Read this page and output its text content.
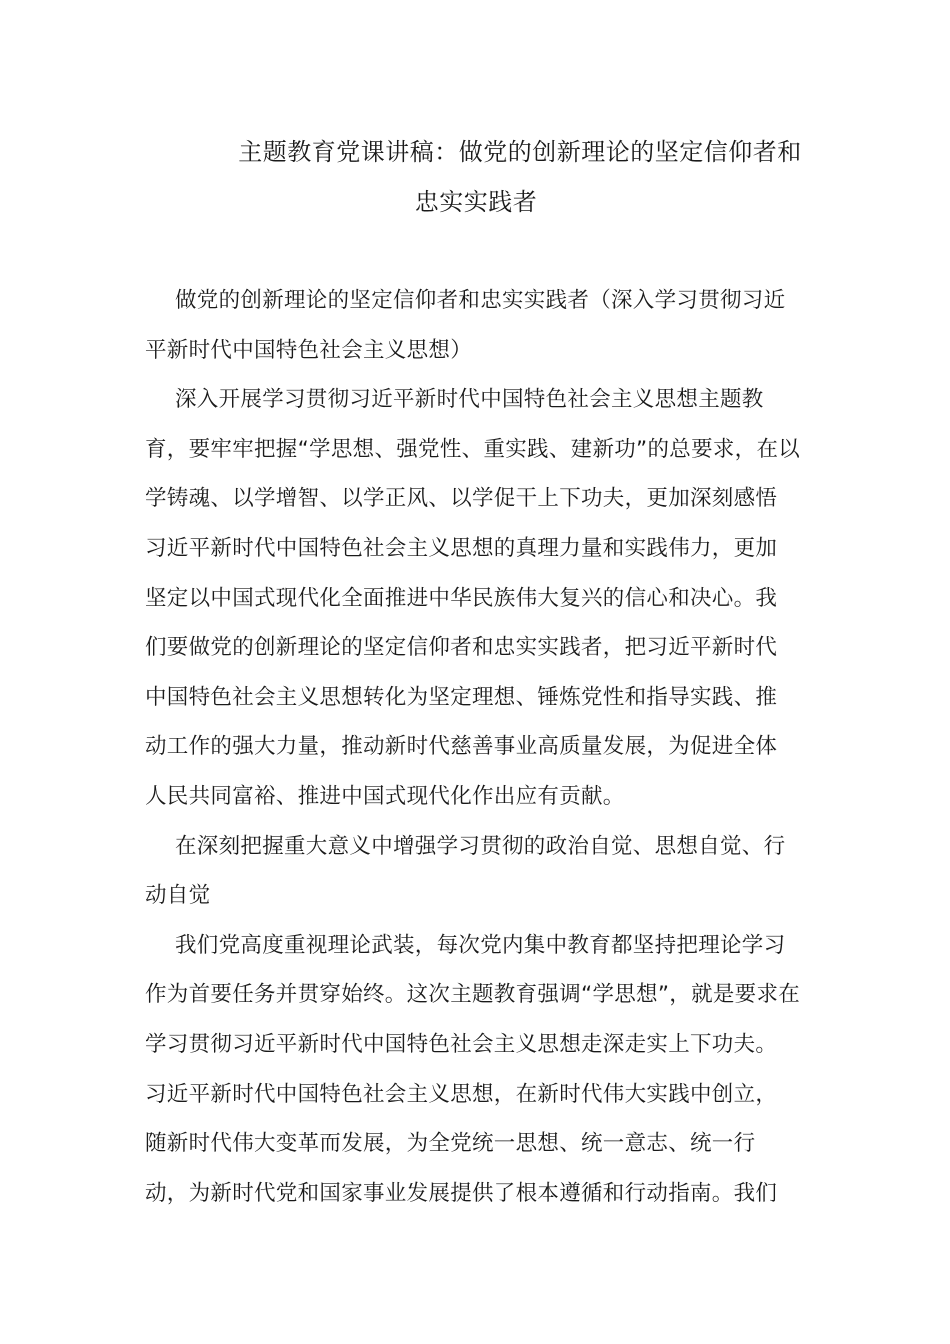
主题教育党课讲稿：做党的创新理论的坚定信仰者和
忠实实践者
做党的创新理论的坚定信仰者和忠实实践者（深入学习贯彻习近
平新时代中国特色社会主义思想）
深入开展学习贯彻习近平新时代中国特色社会主义思想主题教
育，要牢牢把握“学思想、强党性、重实践、建新功”的总要求，在以
学铸魂、以学增智、以学正风、以学促干上下功夫，更加深刻感悟
习近平新时代中国特色社会主义思想的真理力量和实践伟力，更加
坚定以中国式现代化全面推进中华民族伟大复兴的信心和决心。我
们要做党的创新理论的坚定信仰者和忠实实践者，把习近平新时代
中国特色社会主义思想转化为坚定理想、锤炼党性和指导实践、推
动工作的强大力量，推动新时代慈善事业高质量发展，为促进全体
人民共同富裕、推进中国式现代化作出应有贡献。
在深刻把握重大意义中增强学习贯彻的政治自觉、思想自觉、行
动自觉
我们党高度重视理论武装，每次党内集中教育都坚持把理论学习
作为首要任务并贯穿始终。这次主题教育强调“学思想”，就是要求在
学习贯彻习近平新时代中国特色社会主义思想走深走实上下功夫。
习近平新时代中国特色社会主义思想，在新时代伟大实践中创立，
随新时代伟大变革而发展，为全党统一思想、统一意志、统一行
动，为新时代党和国家事业发展提供了根本遵循和行动指南。我们
